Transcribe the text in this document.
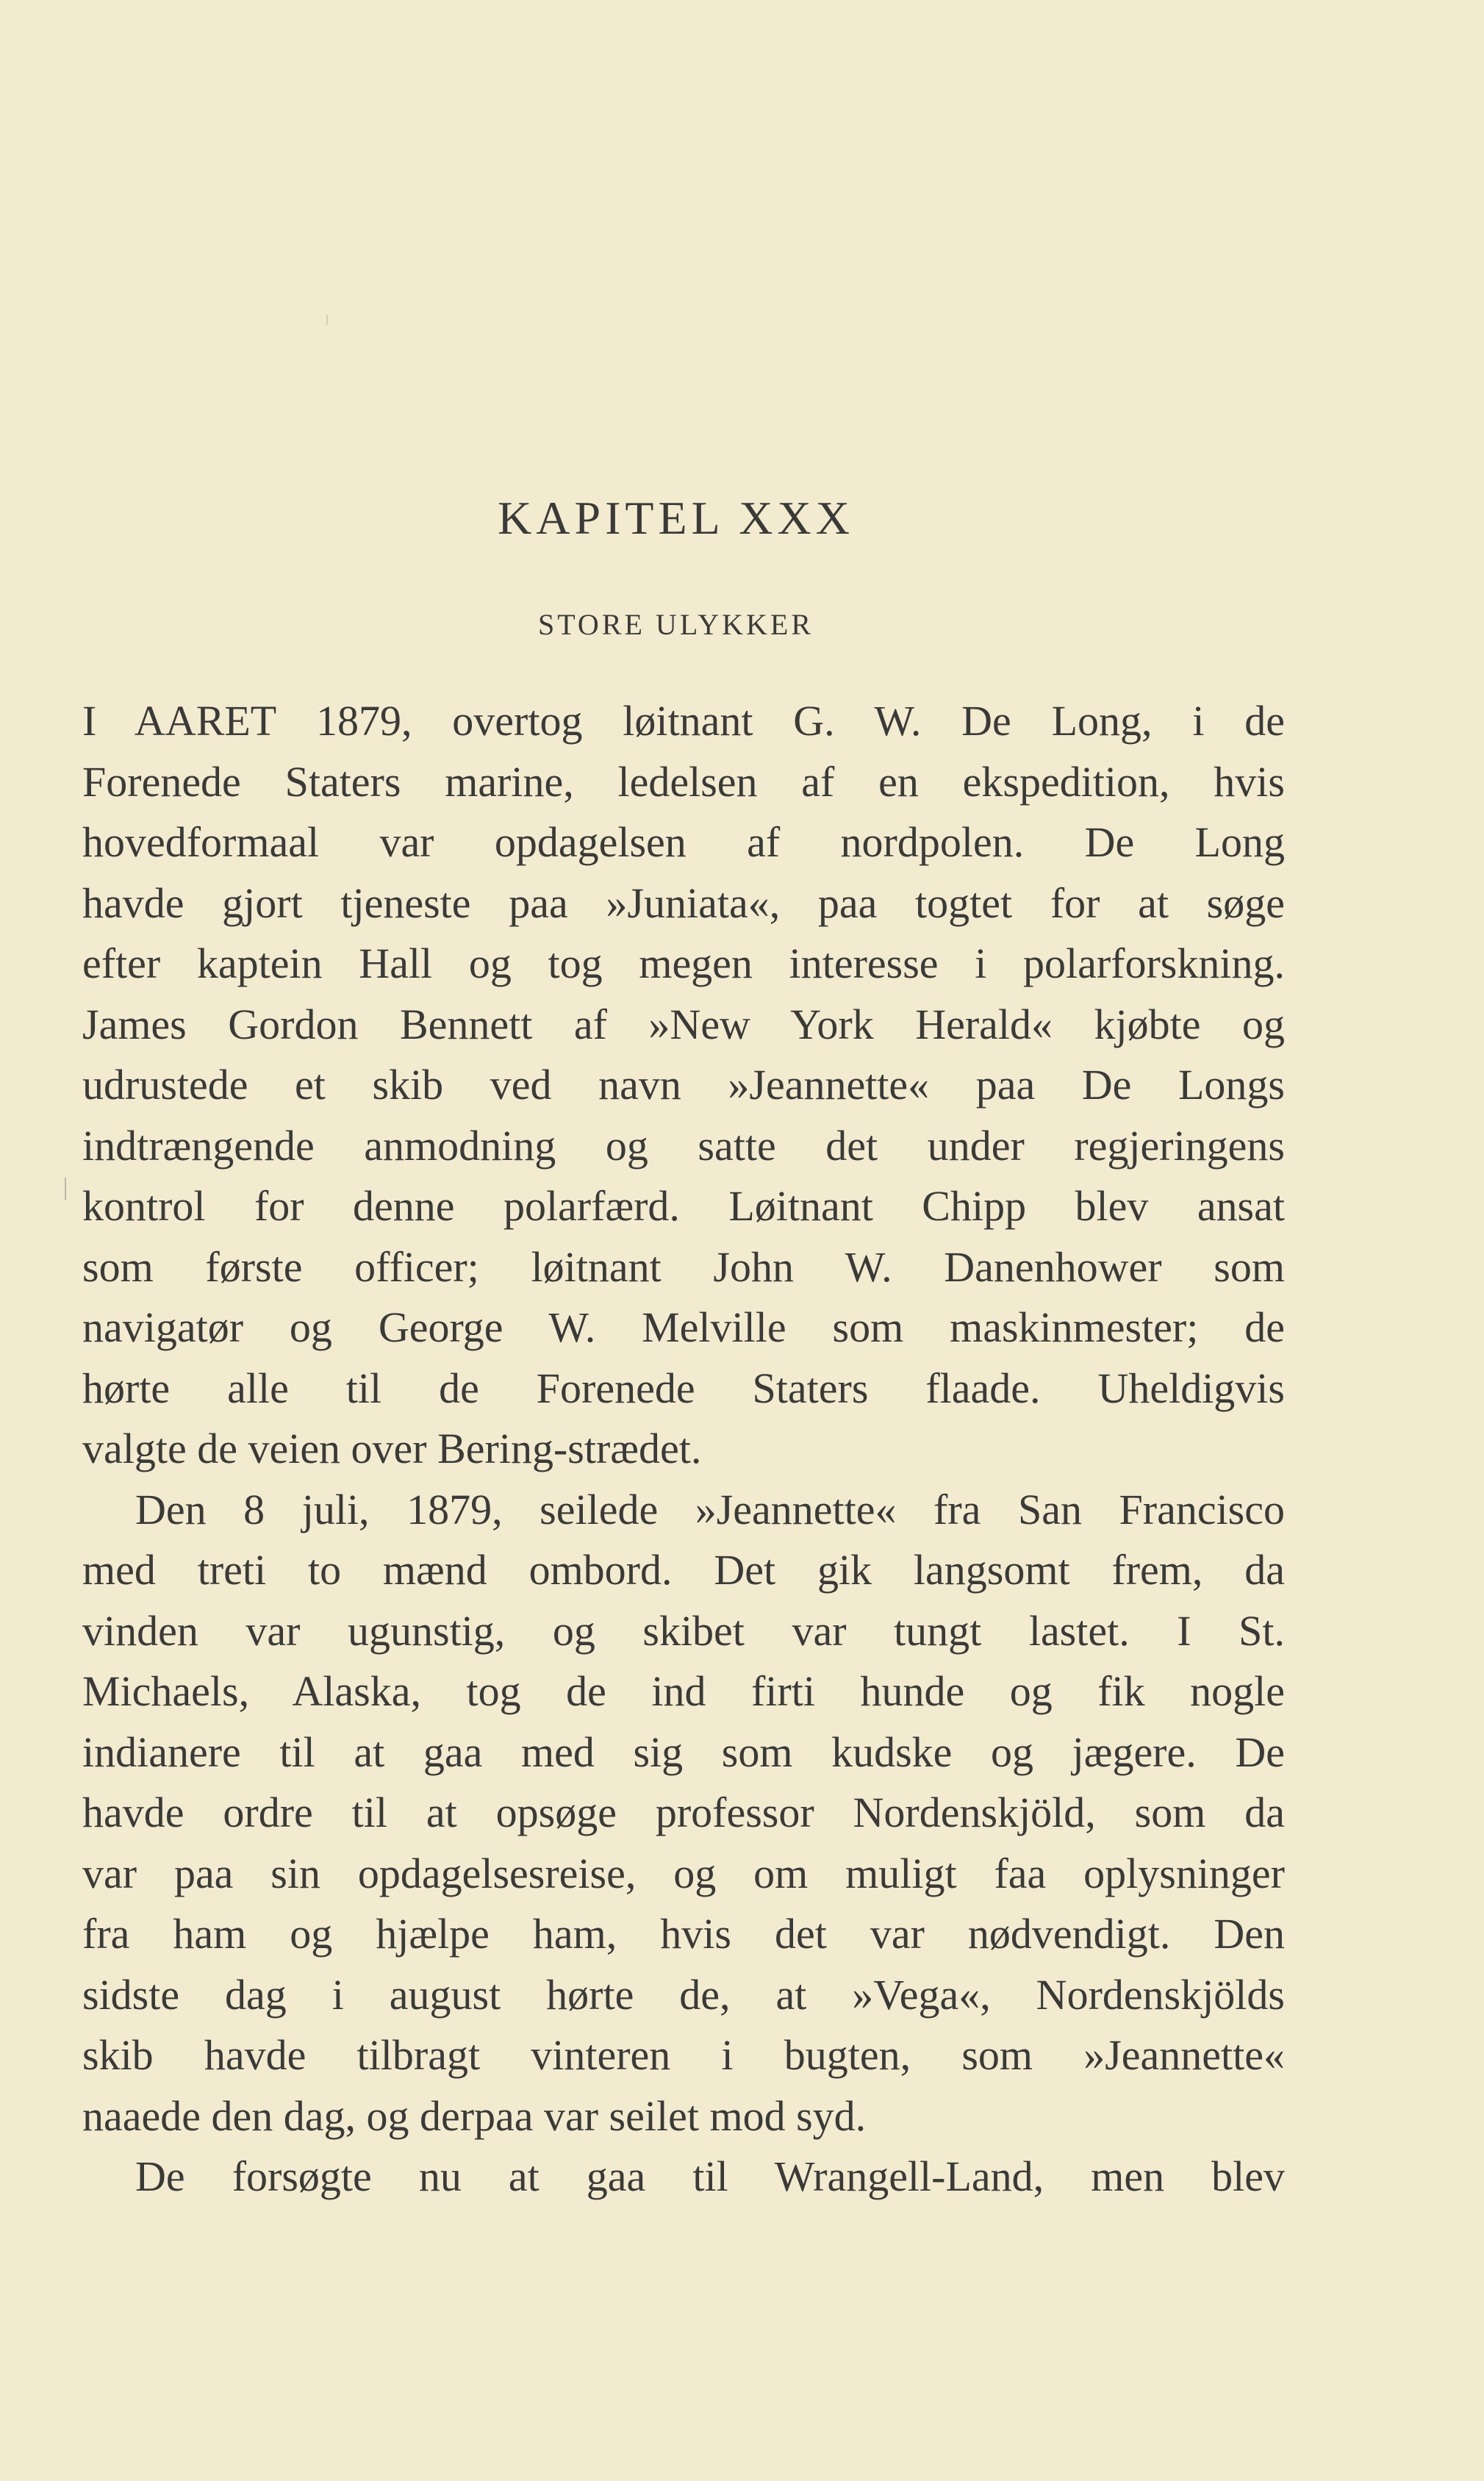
KAPITEL XXX
STORE ULYKKER
I AARET 1879, overtog løitnant G. W. De Long, i de
Forenede Staters marine, ledelsen af en ekspedition, hvis
hovedformaal var opdagelsen af nordpolen. De Long
havde gjort tjeneste paa »Juniata«, paa togtet for at søge
efter kaptein Hall og tog megen interesse i polarforskning.
James Gordon Bennett af »New York Herald« kjøbte og
udrustede et skib ved navn »Jeannette« paa De Longs
indtrængende anmodning og satte det under regjeringens
kontrol for denne polarfærd. Løitnant Chipp blev ansat
som første officer; løitnant John W. Danenhower som
navigatør og George W. Melville som maskinmester; de
hørte alle til de Forenede Staters flaade. Uheldigvis
valgte de veien over Bering-strædet.
Den 8 juli, 1879, seilede »Jeannette« fra San Francisco
med treti to mænd ombord. Det gik langsomt frem, da
vinden var ugunstig, og skibet var tungt lastet. I St.
Michaels, Alaska, tog de ind firti hunde og fik nogle
indianere til at gaa med sig som kudske og jægere. De
havde ordre til at opsøge professor Nordenskjöld, som da
var paa sin opdagelsesreise, og om muligt faa oplysninger
fra ham og hjælpe ham, hvis det var nødvendigt. Den
sidste dag i august hørte de, at »Vega«, Nordenskjölds
skib havde tilbragt vinteren i bugten, som »Jeannette«
naaede den dag, og derpaa var seilet mod syd.
De forsøgte nu at gaa til Wrangell-Land, men blev
